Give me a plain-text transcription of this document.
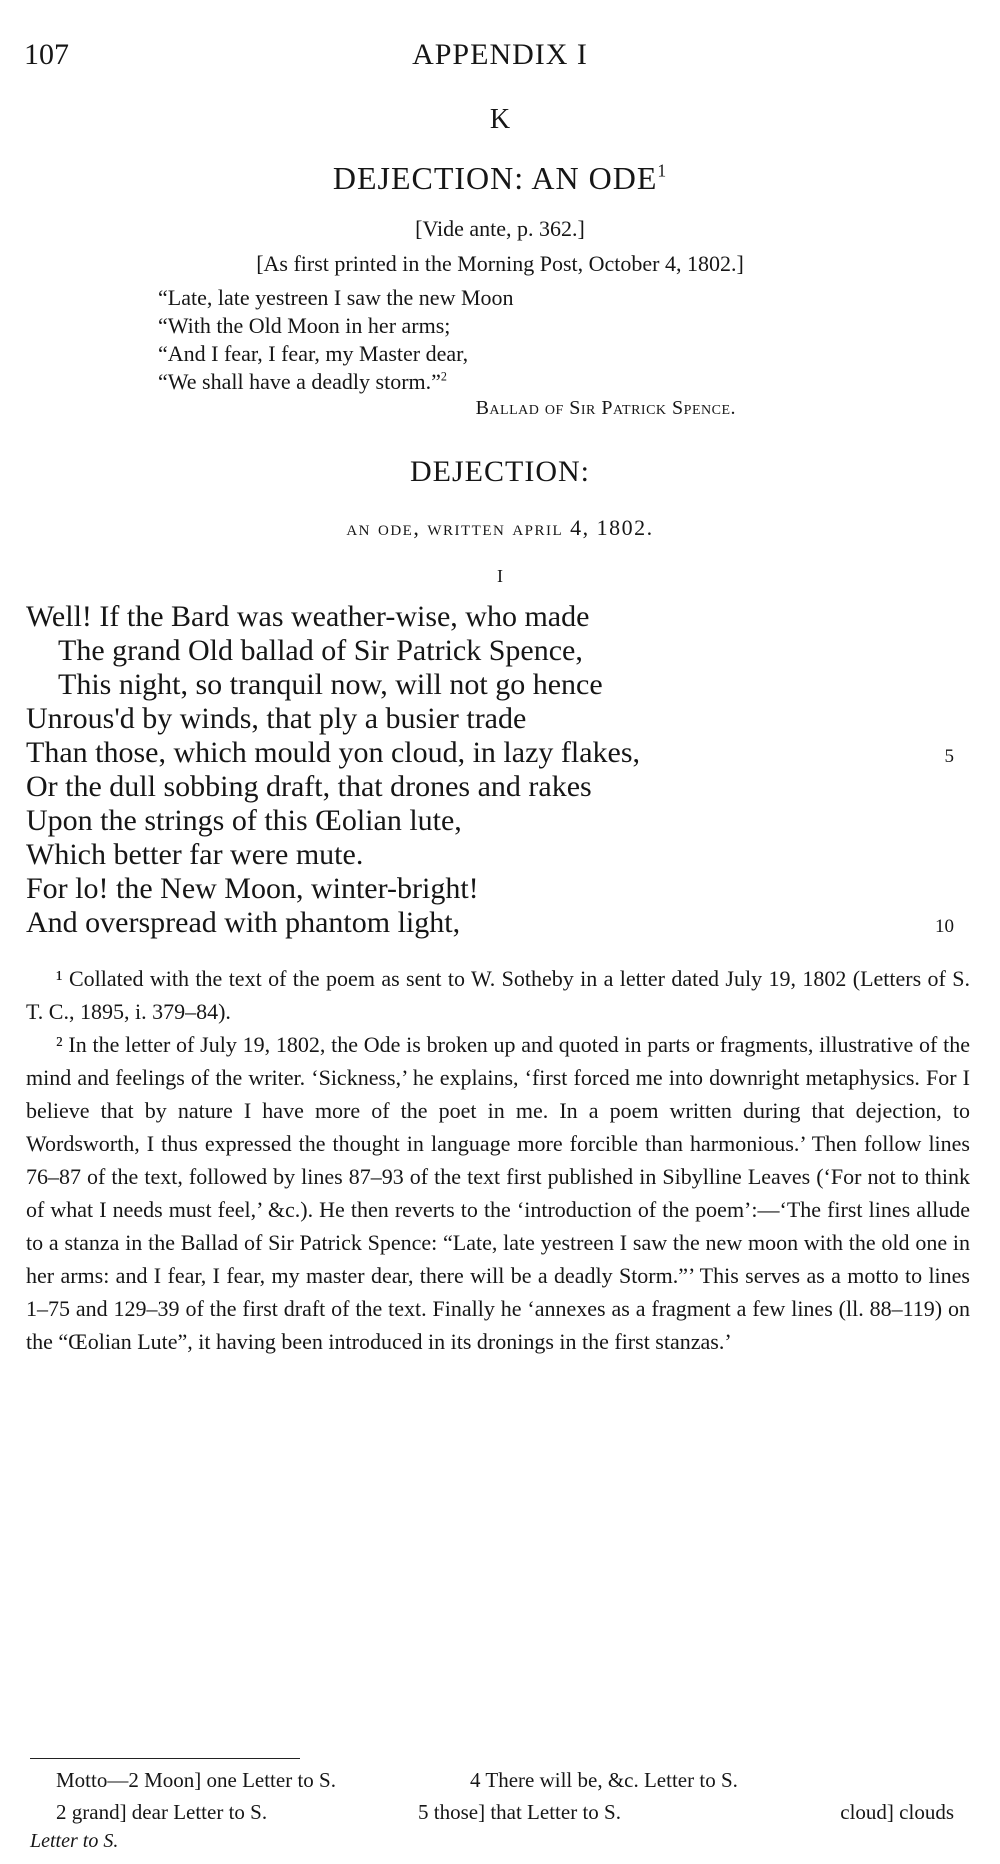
107	APPENDIX I
K
DEJECTION: AN ODE$^1$
[Vide ante, p. 362.]
[As first printed in the Morning Post, October 4, 1802.]
“Late, late yestreen I saw the new Moon
“With the Old Moon in her arms;
“And I fear, I fear, my Master dear,
“We shall have a deadly storm.”$^2$
Ballad of Sir Patrick Spence.
DEJECTION:
an ode, written april 4, 1802.
I
Well! If the Bard was weather-wise, who made
The grand Old ballad of Sir Patrick Spence,
This night, so tranquil now, will not go hence
Unrous'd by winds, that ply a busier trade
Than those, which mould yon cloud, in lazy flakes,	5
Or the dull sobbing draft, that drones and rakes
Upon the strings of this Œolian lute,
Which better far were mute.
For lo! the New Moon, winter-bright!
And overspread with phantom light,	10
¹ Collated with the text of the poem as sent to W. Sotheby in a letter dated July 19, 1802 (Letters of S. T. C., 1895, i. 379–84).
² In the letter of July 19, 1802, the Ode is broken up and quoted in parts or fragments, illustrative of the mind and feelings of the writer. ‘Sickness,’ he explains, ‘first forced me into downright metaphysics. For I believe that by nature I have more of the poet in me. In a poem written during that dejection, to Wordsworth, I thus expressed the thought in language more forcible than harmonious.’ Then follow lines 76–87 of the text, followed by lines 87–93 of the text first published in Sibylline Leaves (‘For not to think of what I needs must feel,’ &c.). He then reverts to the ‘introduction of the poem’:—‘The first lines allude to a stanza in the Ballad of Sir Patrick Spence: “Late, late yestreen I saw the new moon with the old one in her arms: and I fear, I fear, my master dear, there will be a deadly Storm.”’ This serves as a motto to lines 1–75 and 129–39 of the first draft of the text. Finally he ‘annexes as a fragment a few lines (ll. 88–119) on the “Œolian Lute”, it having been introduced in its dronings in the first stanzas.’
Motto—2 Moon] one Letter to S.	4 There will be, &c. Letter to S.
2 grand] dear Letter to S.	5 those] that Letter to S.	cloud] clouds
Letter to S.
